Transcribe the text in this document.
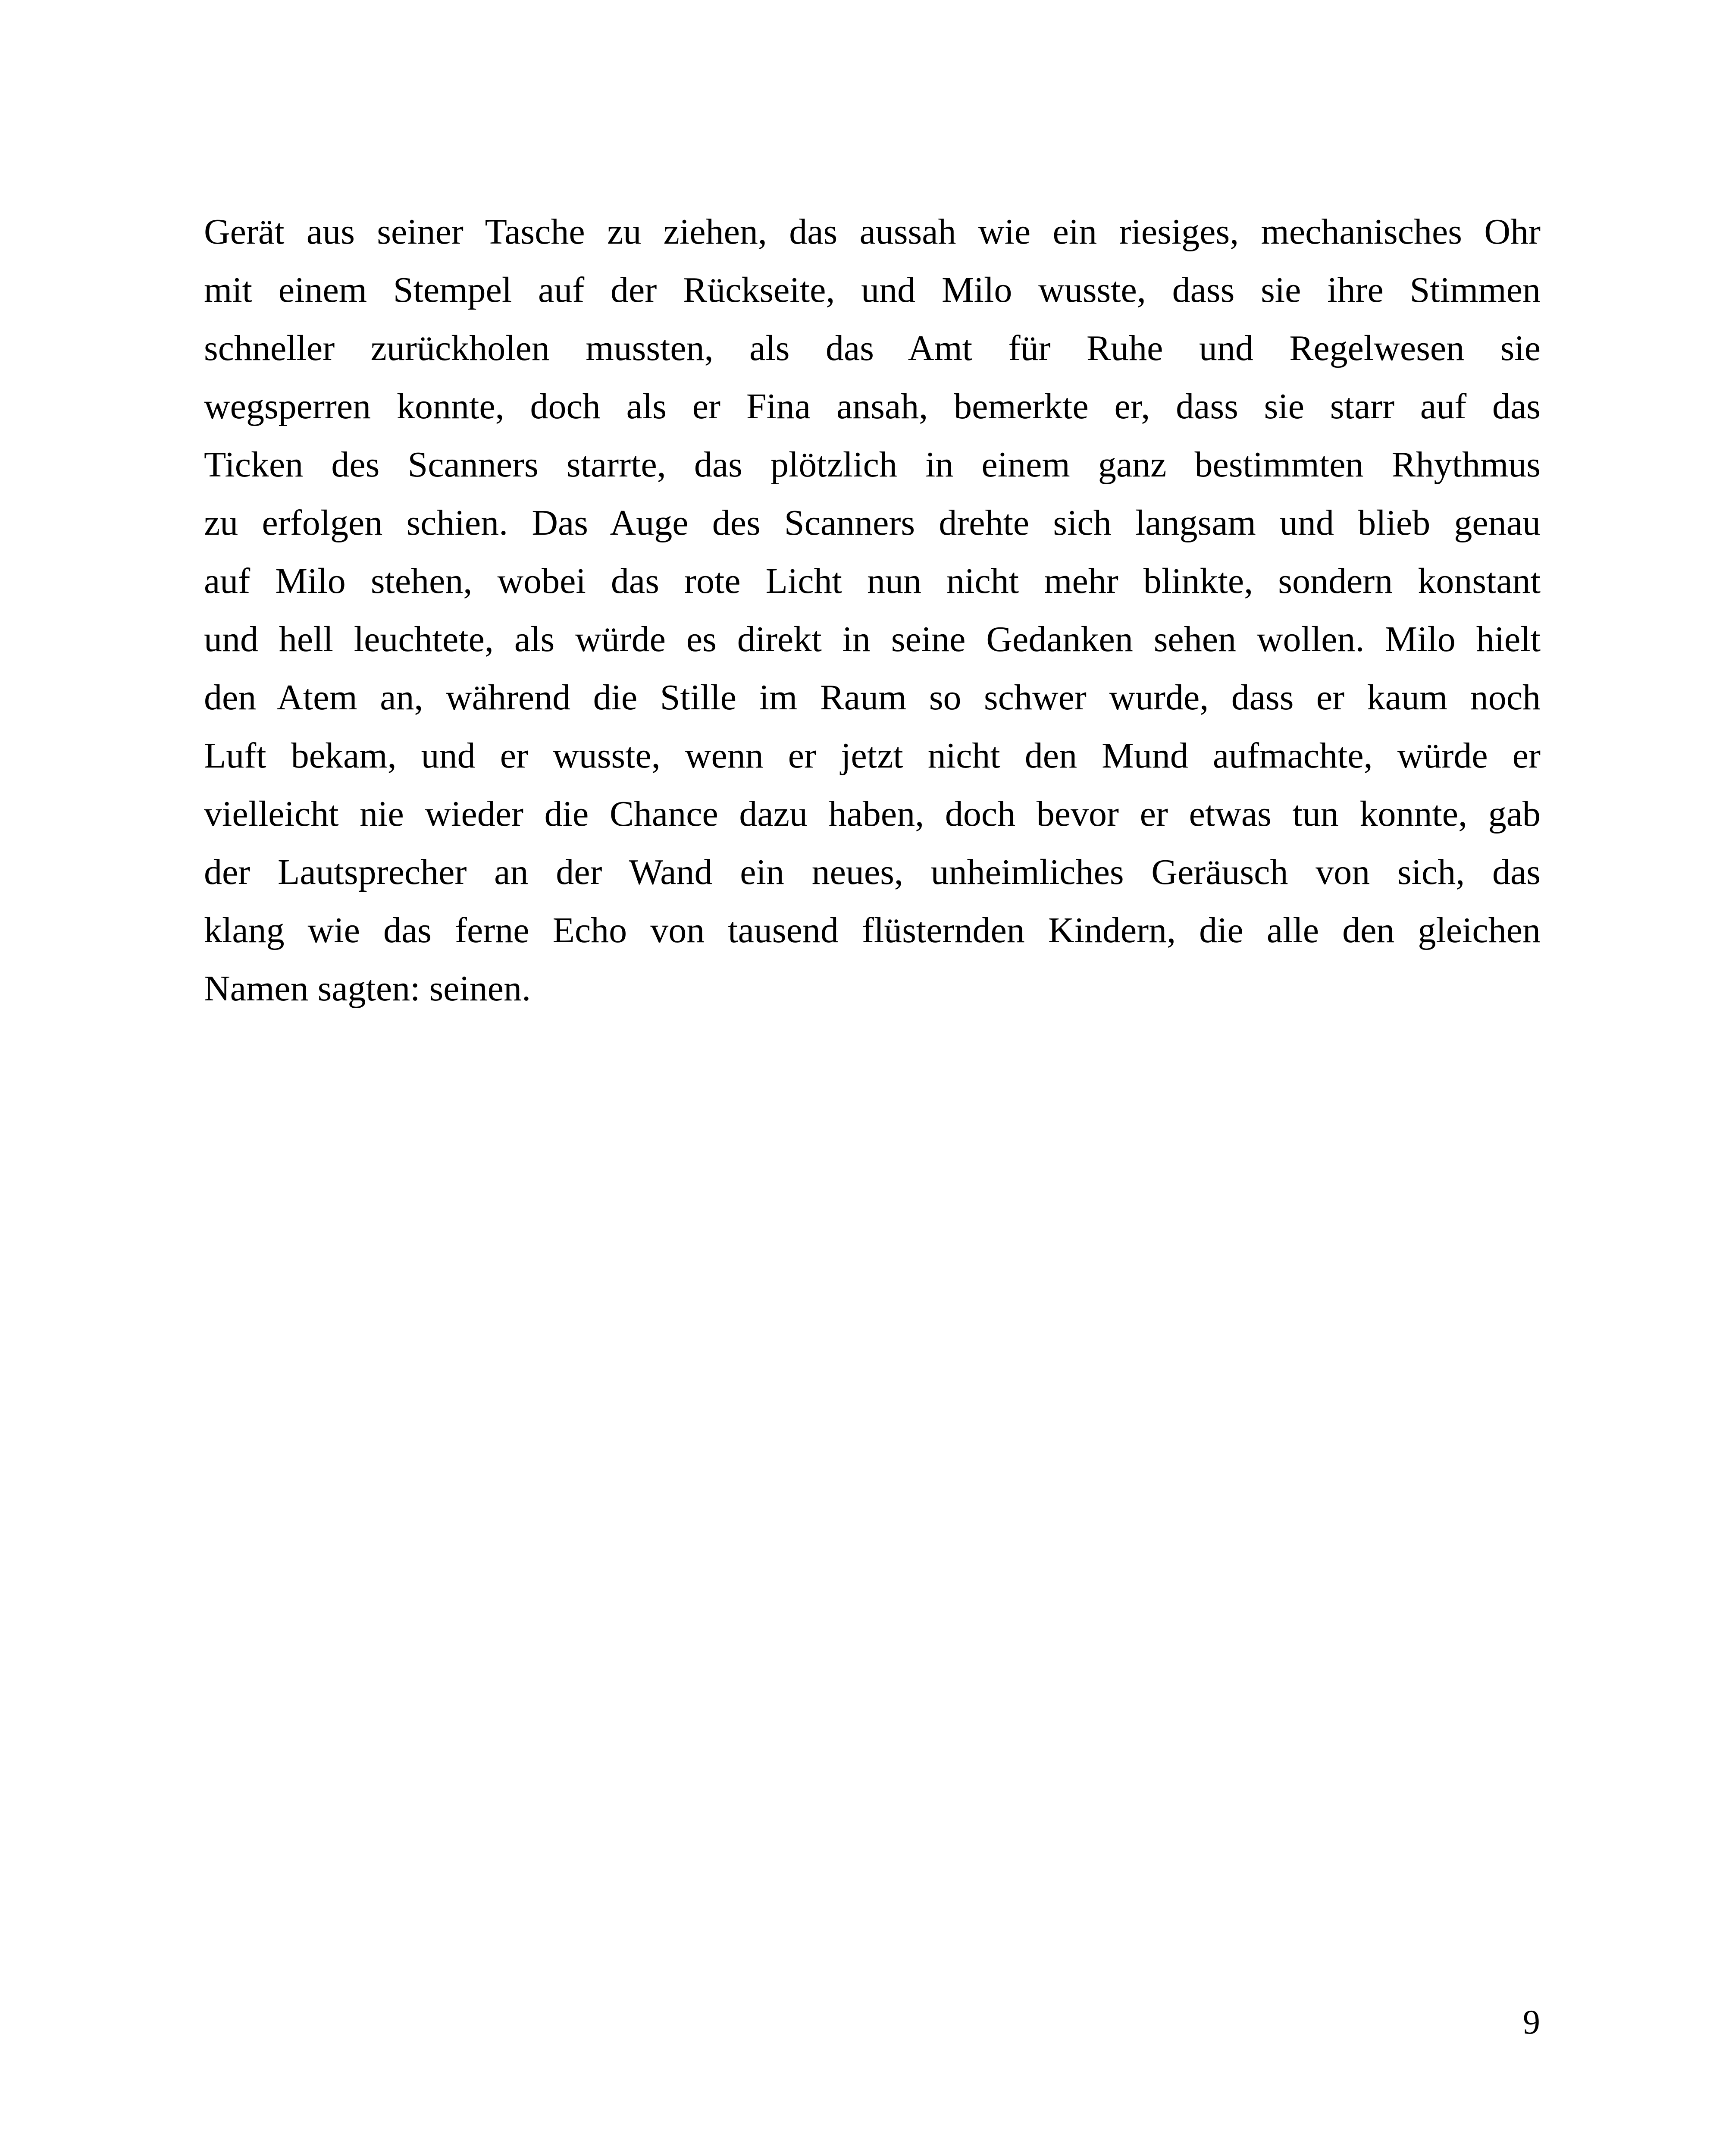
Gerät aus seiner Tasche zu ziehen, das aussah wie ein riesiges, mechanisches Ohr
mit einem Stempel auf der Rückseite, und Milo wusste, dass sie ihre Stimmen
schneller zurückholen mussten, als das Amt für Ruhe und Regelwesen sie
wegsperren konnte, doch als er Fina ansah, bemerkte er, dass sie starr auf das
Ticken des Scanners starrte, das plötzlich in einem ganz bestimmten Rhythmus
zu erfolgen schien. Das Auge des Scanners drehte sich langsam und blieb genau
auf Milo stehen, wobei das rote Licht nun nicht mehr blinkte, sondern konstant
und hell leuchtete, als würde es direkt in seine Gedanken sehen wollen. Milo hielt
den Atem an, während die Stille im Raum so schwer wurde, dass er kaum noch
Luft bekam, und er wusste, wenn er jetzt nicht den Mund aufmachte, würde er
vielleicht nie wieder die Chance dazu haben, doch bevor er etwas tun konnte, gab
der Lautsprecher an der Wand ein neues, unheimliches Geräusch von sich, das
klang wie das ferne Echo von tausend flüsternden Kindern, die alle den gleichen
Namen sagten: seinen.
9
